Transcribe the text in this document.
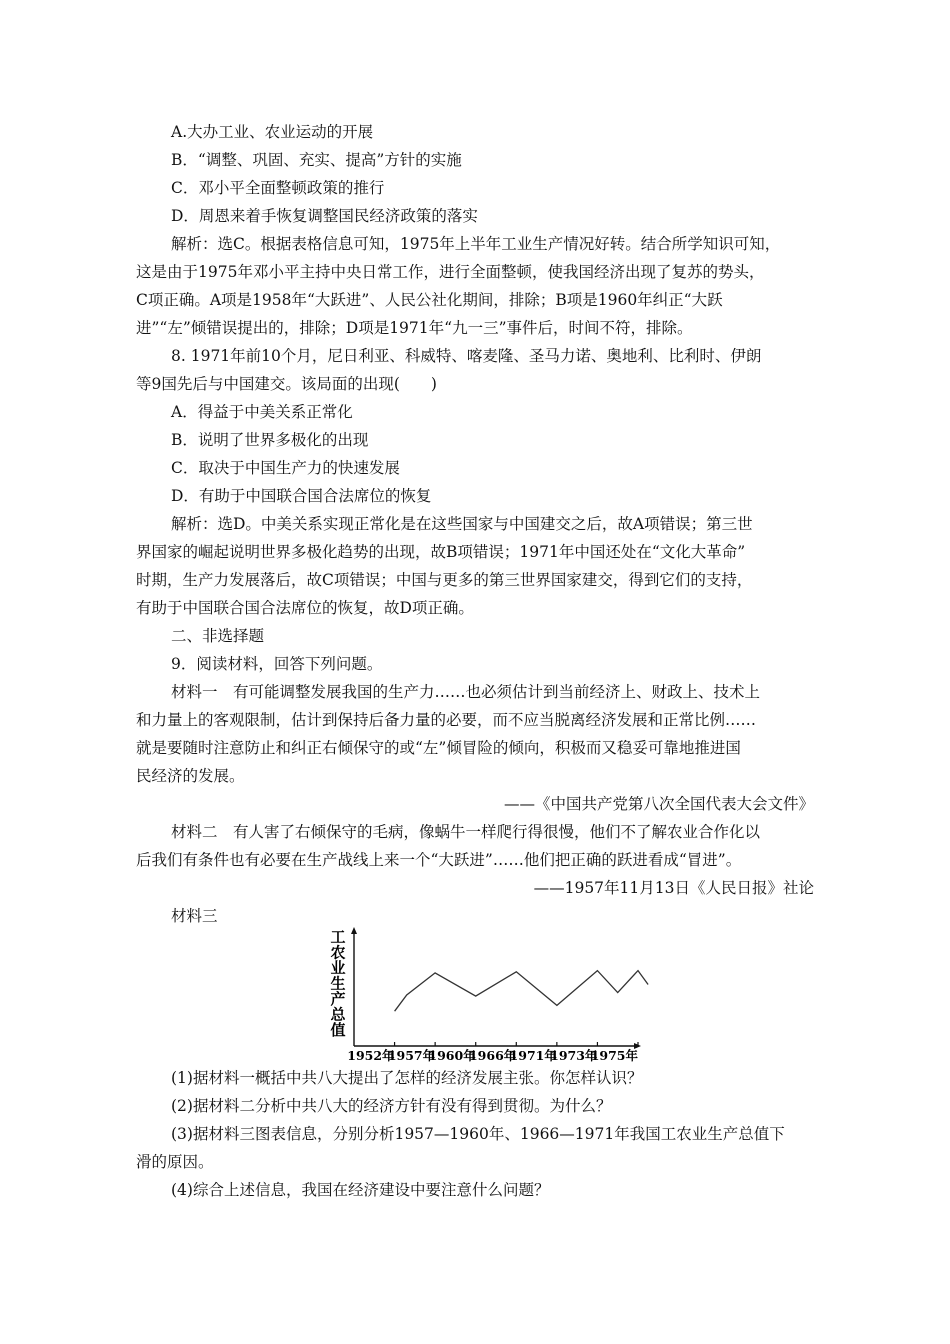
A.大办工业、农业运动的开展
B．“调整、巩固、充实、提高”方针的实施
C．邓小平全面整顿政策的推行
D．周恩来着手恢复调整国民经济政策的落实
解析：选C。根据表格信息可知，1975年上半年工业生产情况好转。结合所学知识可知，
这是由于1975年邓小平主持中央日常工作，进行全面整顿，使我国经济出现了复苏的势头，
C项正确。A项是1958年“大跃进”、人民公社化期间，排除；B项是1960年纠正“大跃
进”“左”倾错误提出的，排除；D项是1971年“九一三”事件后，时间不符，排除。
8. 1971年前10个月，尼日利亚、科威特、喀麦隆、圣马力诺、奥地利、比利时、伊朗
等9国先后与中国建交。该局面的出现(　　)
A．得益于中美关系正常化
B．说明了世界多极化的出现
C．取决于中国生产力的快速发展
D．有助于中国联合国合法席位的恢复
解析：选D。中美关系实现正常化是在这些国家与中国建交之后，故A项错误；第三世
界国家的崛起说明世界多极化趋势的出现，故B项错误；1971年中国还处在“文化大革命”
时期，生产力发展落后，故C项错误；中国与更多的第三世界国家建交，得到它们的支持，
有助于中国联合国合法席位的恢复，故D项正确。
二、非选择题
9．阅读材料，回答下列问题。
材料一　有可能调整发展我国的生产力……也必须估计到当前经济上、财政上、技术上
和力量上的客观限制，估计到保持后备力量的必要，而不应当脱离经济发展和正常比例……
就是要随时注意防止和纠正右倾保守的或“左”倾冒险的倾向，积极而又稳妥可靠地推进国
民经济的发展。
——《中国共产党第八次全国代表大会文件》
材料二　有人害了右倾保守的毛病，像蜗牛一样爬行得很慢，他们不了解农业合作化以
后我们有条件也有必要在生产战线上来一个“大跃进”……他们把正确的跃进看成“冒进”。
——1957年11月13日《人民日报》社论
材料三
工农业生产总值
1952年
1957年
1960年
1966年
1971年
1973年
1975年
(1)据材料一概括中共八大提出了怎样的经济发展主张。你怎样认识？
(2)据材料二分析中共八大的经济方针有没有得到贯彻。为什么？
(3)据材料三图表信息，分别分析1957—1960年、1966—1971年我国工农业生产总值下
滑的原因。
(4)综合上述信息，我国在经济建设中要注意什么问题？
